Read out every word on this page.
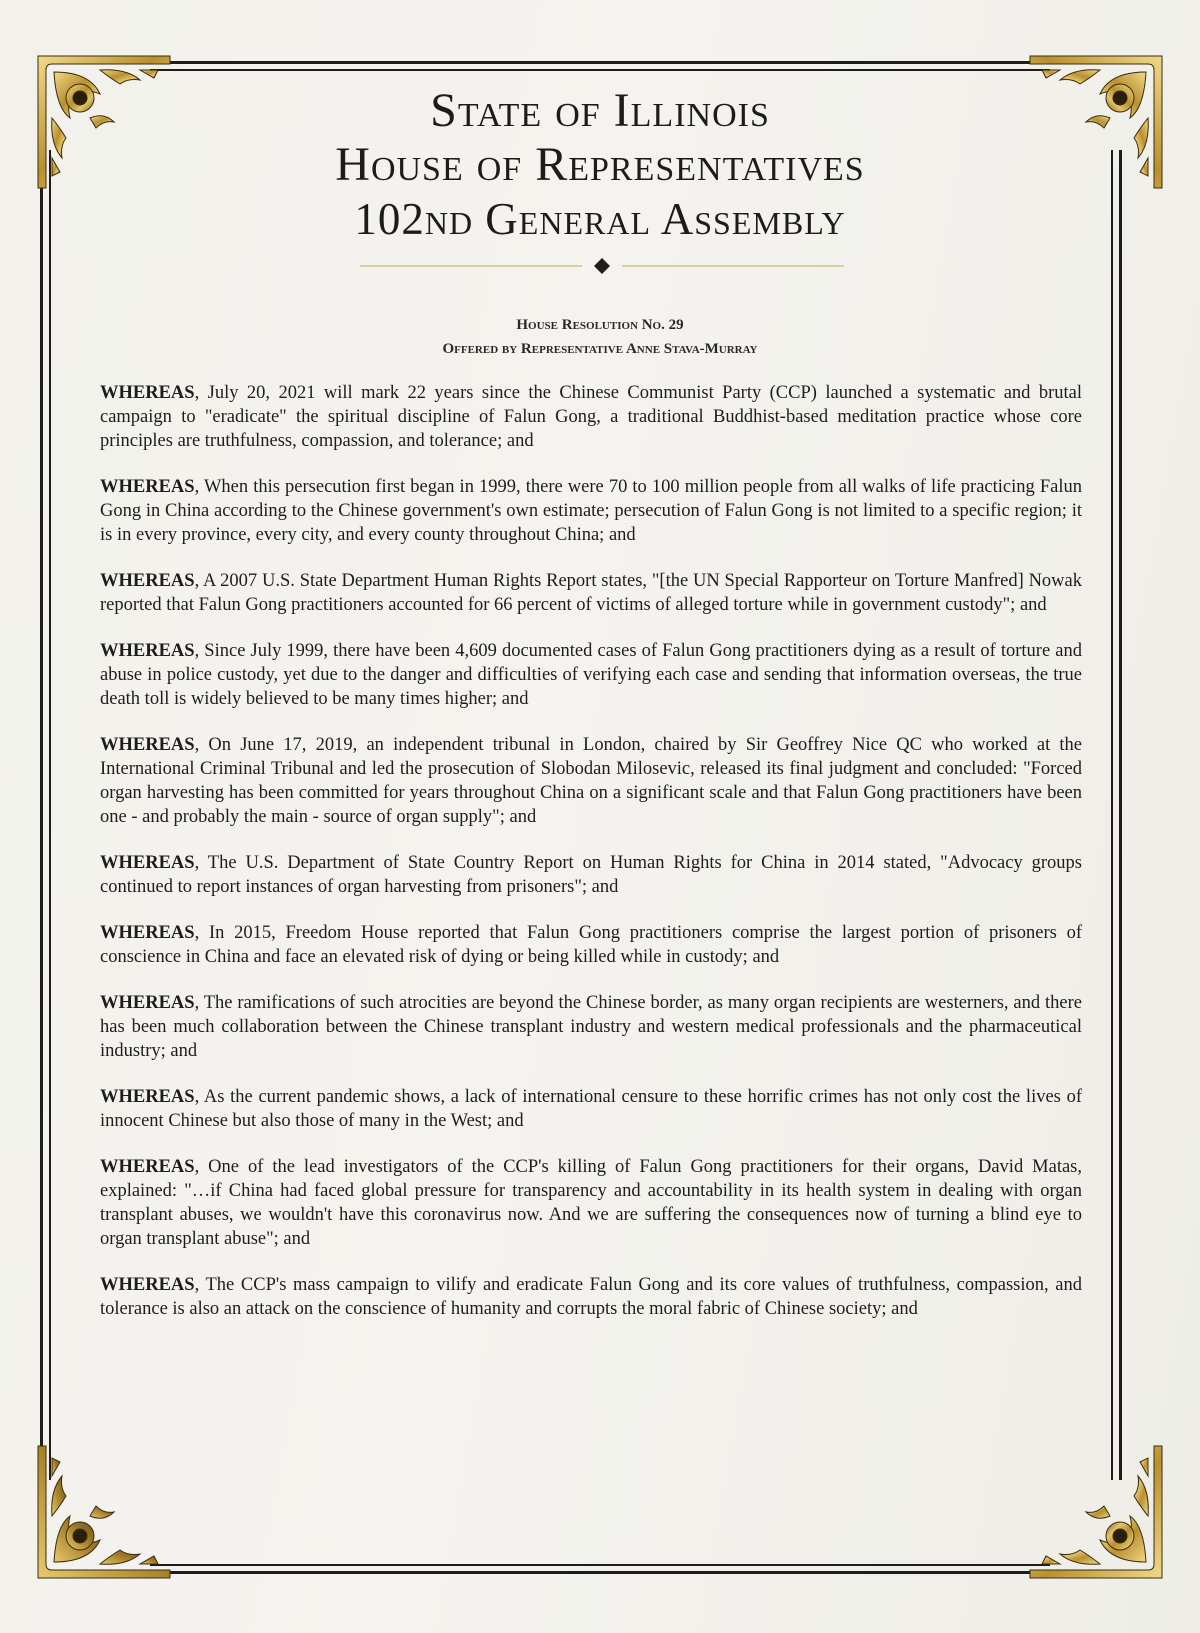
State of Illinois
House of Representatives
102nd General Assembly
House Resolution No. 29
Offered by Representative Anne Stava-Murray

WHEREAS, July 20, 2021 will mark 22 years since the Chinese Communist Party (CCP) launched a systematic and brutal campaign to "eradicate" the spiritual discipline of Falun Gong, a traditional Buddhist-based meditation practice whose core principles are truthfulness, compassion, and tolerance; and

WHEREAS, When this persecution first began in 1999, there were 70 to 100 million people from all walks of life practicing Falun Gong in China according to the Chinese government's own estimate; persecution of Falun Gong is not limited to a specific region; it is in every province, every city, and every county throughout China; and

WHEREAS, A 2007 U.S. State Department Human Rights Report states, "[the UN Special Rapporteur on Torture Manfred] Nowak reported that Falun Gong practitioners accounted for 66 percent of victims of alleged torture while in government custody"; and

WHEREAS, Since July 1999, there have been 4,609 documented cases of Falun Gong practitioners dying as a result of torture and abuse in police custody, yet due to the danger and difficulties of verifying each case and sending that information overseas, the true death toll is widely believed to be many times higher; and

WHEREAS, On June 17, 2019, an independent tribunal in London, chaired by Sir Geoffrey Nice QC who worked at the International Criminal Tribunal and led the prosecution of Slobodan Milosevic, released its final judgment and concluded: "Forced organ harvesting has been committed for years throughout China on a significant scale and that Falun Gong practitioners have been one - and probably the main - source of organ supply"; and

WHEREAS, The U.S. Department of State Country Report on Human Rights for China in 2014 stated, "Advocacy groups continued to report instances of organ harvesting from prisoners"; and

WHEREAS, In 2015, Freedom House reported that Falun Gong practitioners comprise the largest portion of prisoners of conscience in China and face an elevated risk of dying or being killed while in custody; and

WHEREAS, The ramifications of such atrocities are beyond the Chinese border, as many organ recipients are westerners, and there has been much collaboration between the Chinese transplant industry and western medical professionals and the pharmaceutical industry; and

WHEREAS, As the current pandemic shows, a lack of international censure to these horrific crimes has not only cost the lives of innocent Chinese but also those of many in the West; and

WHEREAS, One of the lead investigators of the CCP's killing of Falun Gong practitioners for their organs, David Matas, explained: "…if China had faced global pressure for transparency and accountability in its health system in dealing with organ transplant abuses, we wouldn't have this coronavirus now. And we are suffering the consequences now of turning a blind eye to organ transplant abuse"; and

WHEREAS, The CCP's mass campaign to vilify and eradicate Falun Gong and its core values of truthfulness, compassion, and tolerance is also an attack on the conscience of humanity and corrupts the moral fabric of Chinese society; and
